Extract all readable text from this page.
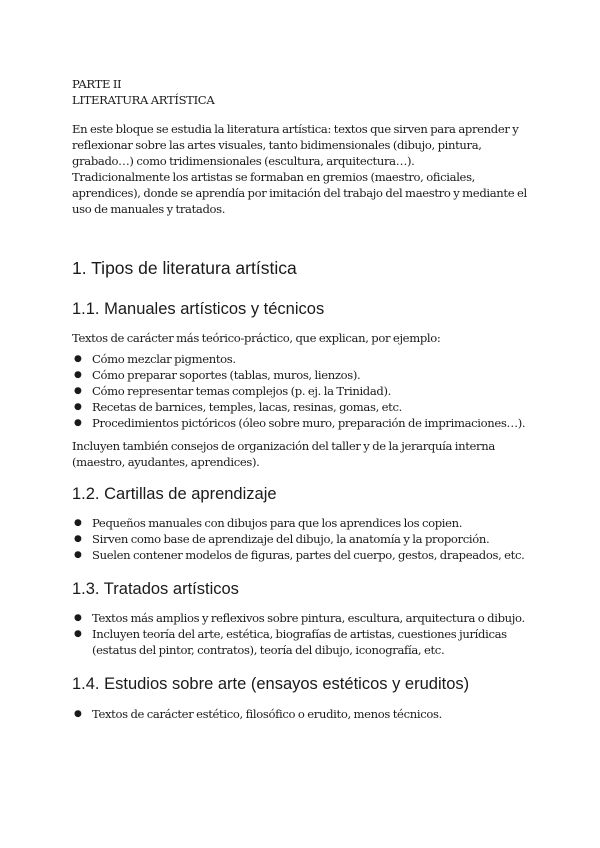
PARTE II
LITERATURA ARTÍSTICA

En este bloque se estudia la literatura artística: textos que sirven para aprender y reflexionar sobre las artes visuales, tanto bidimensionales (dibujo, pintura, grabado…) como tridimensionales (escultura, arquitectura…).

Tradicionalmente los artistas se formaban en gremios (maestro, oficiales, aprendices), donde se aprendía por imitación del trabajo del maestro y mediante el uso de manuales y tratados.

1. Tipos de literatura artística
1.1. Manuales artísticos y técnicos

Textos de carácter más teórico-práctico, que explican, por ejemplo:

● Cómo mezclar pigmentos.
● Cómo preparar soportes (tablas, muros, lienzos).
● Cómo representar temas complejos (p. ej. la Trinidad).
● Recetas de barnices, temples, lacas, resinas, gomas, etc.
● Procedimientos pictóricos (óleo sobre muro, preparación de imprimaciones…).

Incluyen también consejos de organización del taller y de la jerarquía interna (maestro, ayudantes, aprendices).

1.2. Cartillas de aprendizaje
● Pequeños manuales con dibujos para que los aprendices los copien.
● Sirven como base de aprendizaje del dibujo, la anatomía y la proporción.
● Suelen contener modelos de figuras, partes del cuerpo, gestos, drapeados, etc.
1.3. Tratados artísticos
● Textos más amplios y reflexivos sobre pintura, escultura, arquitectura o dibujo.
● Incluyen teoría del arte, estética, biografías de artistas, cuestiones jurídicas (estatus del pintor, contratos), teoría del dibujo, iconografía, etc.
1.4. Estudios sobre arte (ensayos estéticos y eruditos)
● Textos de carácter estético, filosófico o erudito, menos técnicos.
